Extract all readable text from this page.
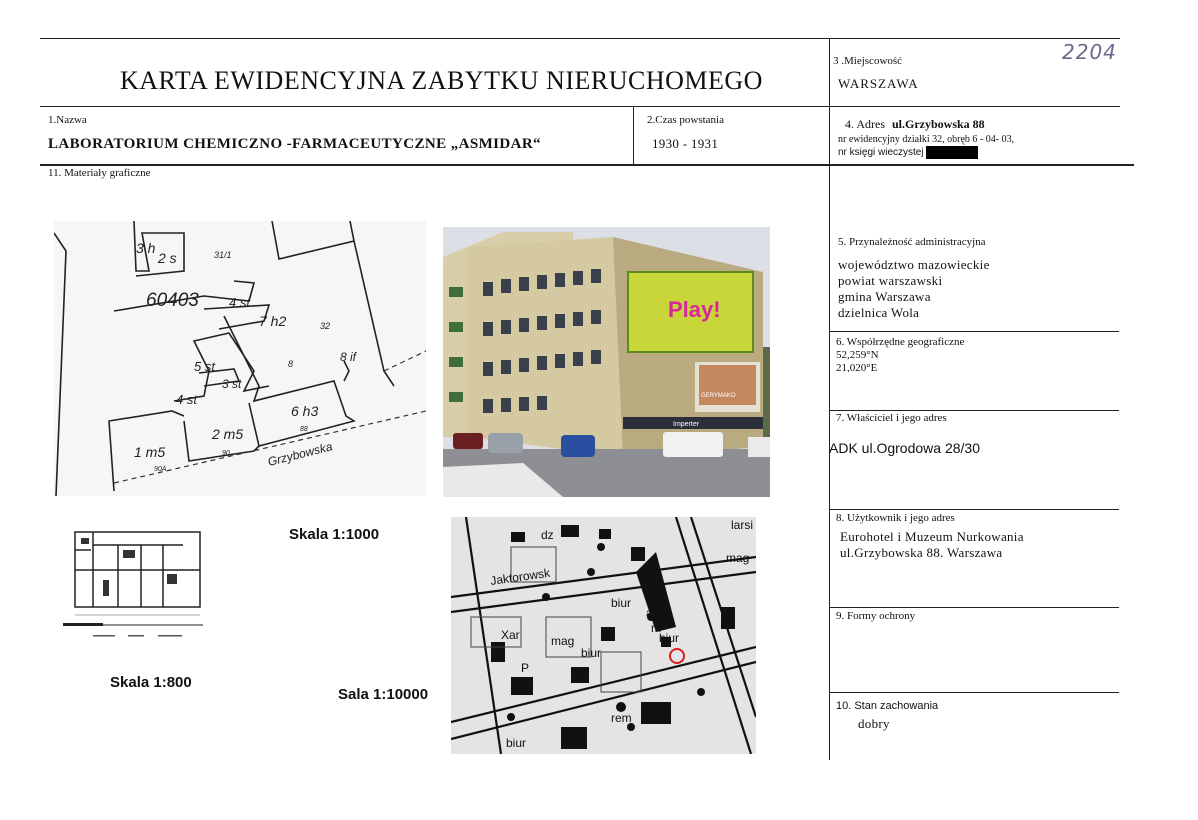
2204
KARTA EWIDENCYJNA ZABYTKU NIERUCHOMEGO
3 .Miejscowość
WARSZAWA
1.Nazwa
LABORATORIUM CHEMICZNO -FARMACEUTYCZNE „ASMIDAR“
2.Czas powstania
1930 - 1931
4. Adres ul.Grzybowska 88
nr ewidencyjny działki 32, obręb 6 - 04- 03,
nr księgi wieczystej
11. Materiały graficzne
5. Przynależność administracyjna
województwo mazowieckie
powiat warszawski
gmina Warszawa
dzielnica Wola
6. Współrzędne geograficzne
52,259°N
21,020°E
7. Właściciel i jego adres
ADK ul.Ogrodowa 28/30
8. Użytkownik i jego adres
Eurohotel i Muzeum Nurkowania
ul.Grzybowska 88. Warszawa
9. Formy ochrony
10. Stan zachowania
dobry
3 h
2 s	31/1
60403 4 st
7 h2	32
5 st
3 st
4 st
8	8 if
6 h3
88
2 m5
90
1 m5
90A
Grzybowska
Play!
GERYMAKO
Imperter
Skala 1:1000
Skala 1:800
Sala 1:10000
larsi
dz
mag
Jaktorowsk
biur
Xar	mag
biur
P
biur
rem
biur
ar
m
